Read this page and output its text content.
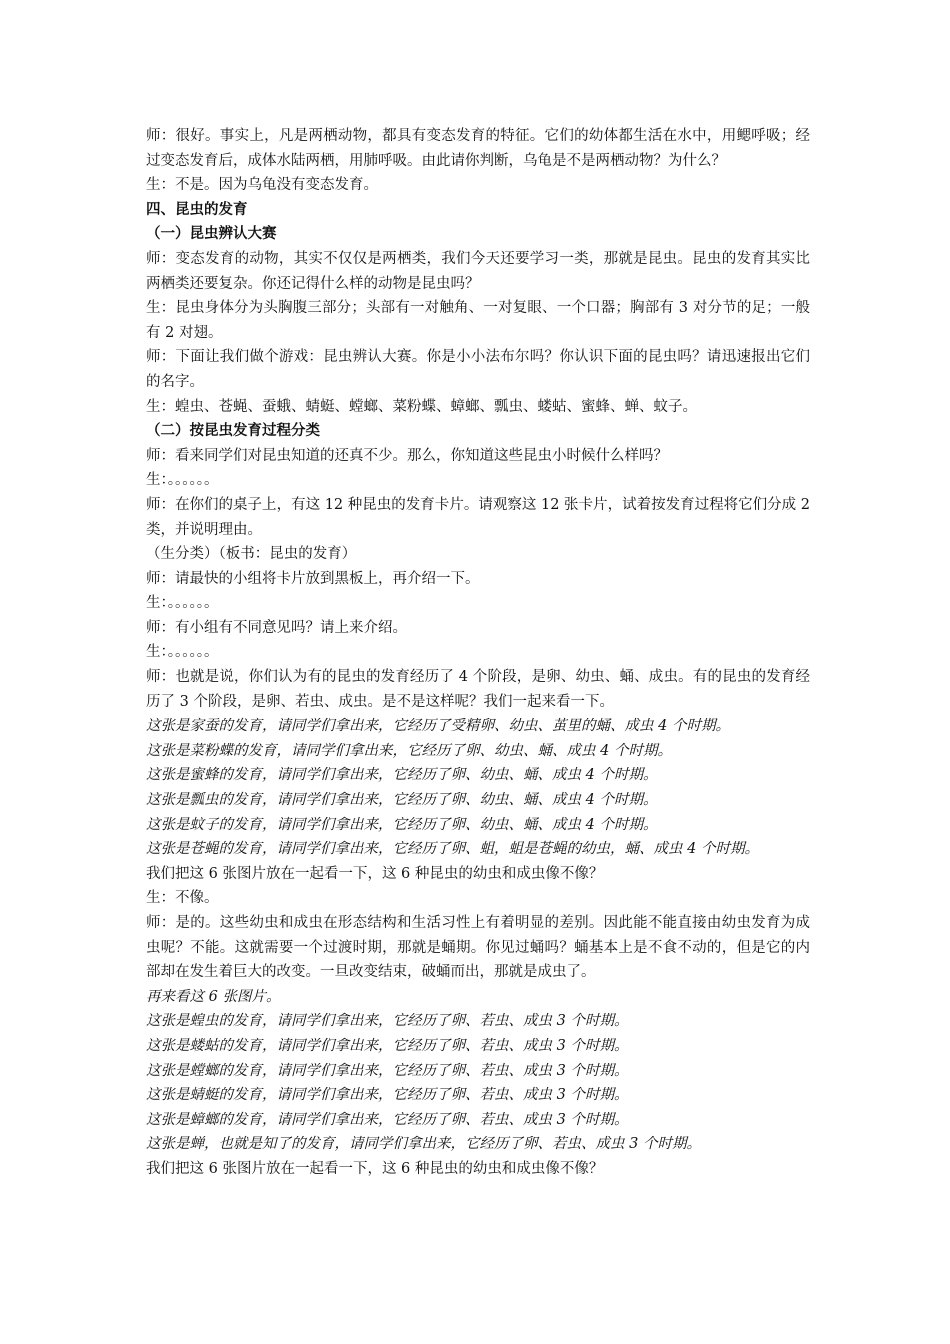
师：很好。事实上，凡是两栖动物，都具有变态发育的特征。它们的幼体都生活在水中，用鳃呼吸；经过变态发育后，成体水陆两栖，用肺呼吸。由此请你判断，乌龟是不是两栖动物？为什么？

生：不是。因为乌龟没有变态发育。

四、昆虫的发育

（一）昆虫辨认大赛

师：变态发育的动物，其实不仅仅是两栖类，我们今天还要学习一类，那就是昆虫。昆虫的发育其实比两栖类还要复杂。你还记得什么样的动物是昆虫吗？

生：昆虫身体分为头胸腹三部分；头部有一对触角、一对复眼、一个口器；胸部有 3 对分节的足；一般有 2 对翅。

师：下面让我们做个游戏：昆虫辨认大赛。你是小小法布尔吗？你认识下面的昆虫吗？请迅速报出它们的名字。

生：蝗虫、苍蝇、蚕蛾、蜻蜓、螳螂、菜粉蝶、蟑螂、瓢虫、蝼蛄、蜜蜂、蝉、蚊子。

（二）按昆虫发育过程分类

师：看来同学们对昆虫知道的还真不少。那么，你知道这些昆虫小时候什么样吗？

生：。。。。。。

师：在你们的桌子上，有这 12 种昆虫的发育卡片。请观察这 12 张卡片，试着按发育过程将它们分成 2 类，并说明理由。

（生分类）（板书：昆虫的发育）

师：请最快的小组将卡片放到黑板上，再介绍一下。

生：。。。。。。

师：有小组有不同意见吗？请上来介绍。

生：。。。。。。

师：也就是说，你们认为有的昆虫的发育经历了 4 个阶段，是卵、幼虫、蛹、成虫。有的昆虫的发育经历了 3 个阶段，是卵、若虫、成虫。是不是这样呢？我们一起来看一下。

这张是家蚕的发育，请同学们拿出来，它经历了受精卵、幼虫、茧里的蛹、成虫 4 个时期。

这张是菜粉蝶的发育，请同学们拿出来，它经历了卵、幼虫、蛹、成虫 4 个时期。

这张是蜜蜂的发育，请同学们拿出来，它经历了卵、幼虫、蛹、成虫 4 个时期。

这张是瓢虫的发育，请同学们拿出来，它经历了卵、幼虫、蛹、成虫 4 个时期。

这张是蚊子的发育，请同学们拿出来，它经历了卵、幼虫、蛹、成虫 4 个时期。

这张是苍蝇的发育，请同学们拿出来，它经历了卵、蛆，蛆是苍蝇的幼虫，蛹、成虫 4 个时期。

我们把这 6 张图片放在一起看一下，这 6 种昆虫的幼虫和成虫像不像？

生：不像。

师：是的。这些幼虫和成虫在形态结构和生活习性上有着明显的差别。因此能不能直接由幼虫发育为成虫呢？不能。这就需要一个过渡时期，那就是蛹期。你见过蛹吗？蛹基本上是不食不动的，但是它的内部却在发生着巨大的改变。一旦改变结束，破蛹而出，那就是成虫了。

再来看这 6 张图片。

这张是蝗虫的发育，请同学们拿出来，它经历了卵、若虫、成虫 3 个时期。

这张是蝼蛄的发育，请同学们拿出来，它经历了卵、若虫、成虫 3 个时期。

这张是螳螂的发育，请同学们拿出来，它经历了卵、若虫、成虫 3 个时期。

这张是蜻蜓的发育，请同学们拿出来，它经历了卵、若虫、成虫 3 个时期。

这张是蟑螂的发育，请同学们拿出来，它经历了卵、若虫、成虫 3 个时期。

这张是蝉，也就是知了的发育，请同学们拿出来，它经历了卵、若虫、成虫 3 个时期。

我们把这 6 张图片放在一起看一下，这 6 种昆虫的幼虫和成虫像不像？
